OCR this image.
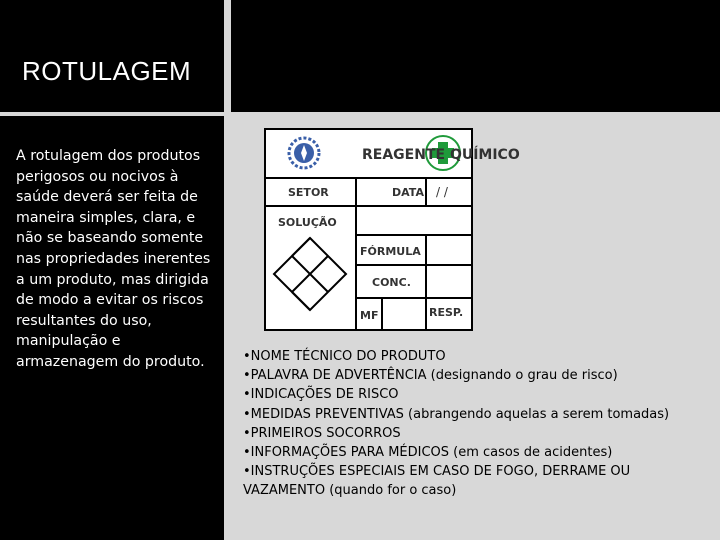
ROTULAGEM
A rotulagem dos produtos perigosos ou nocivos à saúde deverá ser feita de maneira simples, clara, e não se baseando somente nas propriedades inerentes a um produto, mas dirigida de modo a evitar os riscos resultantes do uso, manipulação e armazenagem do produto.
REAGENTE QUÍMICO
SETOR	DATA / /
SOLUÇÃO
FÓRMULA
CONC.
MF	RESP.
•NOME TÉCNICO DO PRODUTO
•PALAVRA DE ADVERTÊNCIA (designando o grau de risco)
•INDICAÇÕES DE RISCO
•MEDIDAS PREVENTIVAS (abrangendo aquelas a serem tomadas)
•PRIMEIROS SOCORROS
•INFORMAÇÕES PARA MÉDICOS (em casos de acidentes)
•INSTRUÇÕES ESPECIAIS EM CASO DE FOGO, DERRAME OU VAZAMENTO (quando for o caso)
